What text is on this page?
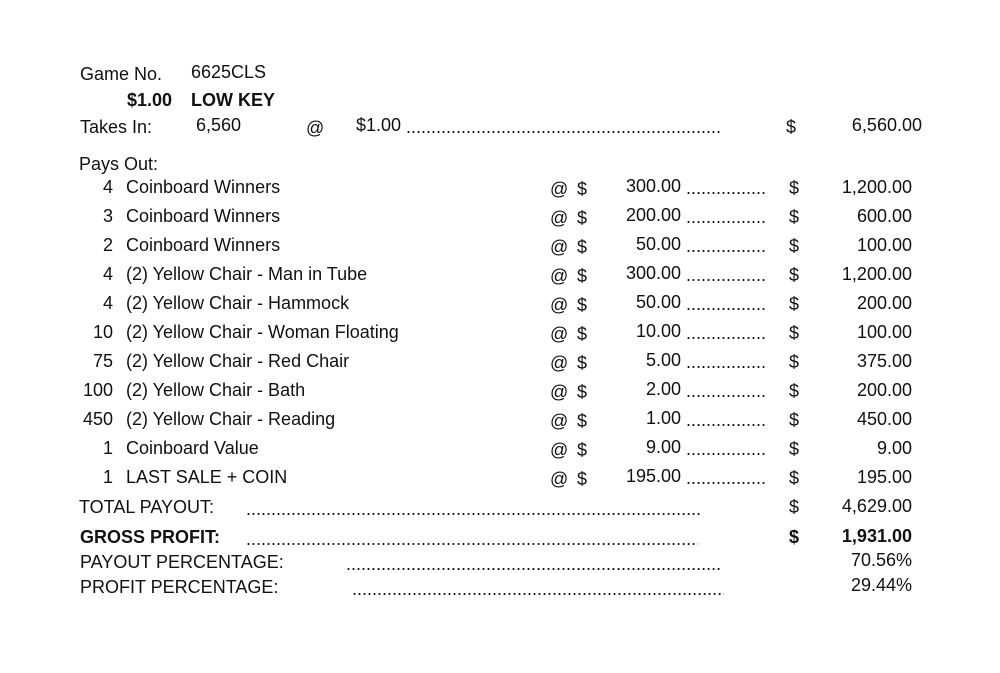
Game No. 6625CLS
$1.00 LOW KEY
Takes In: 6,560	@ $1.00 .....	$	6,560.00
Pays Out:
4 Coinboard Winners	@ $	300.00 .....	$	1,200.00
3 Coinboard Winners	@ $	200.00 .....	$	600.00
2 Coinboard Winners	@ $	50.00 .....	$	100.00
4 (2) Yellow Chair - Man in Tube	@ $	300.00 .....	$	1,200.00
4 (2) Yellow Chair - Hammock	@ $	50.00 .....	$	200.00
10 (2) Yellow Chair - Woman Floating	@ $	10.00 .....	$	100.00
75 (2) Yellow Chair - Red Chair	@ $	5.00 .....	$	375.00
100 (2) Yellow Chair - Bath	@ $	2.00 .....	$	200.00
450 (2) Yellow Chair - Reading	@ $	1.00 .....	$	450.00
1 Coinboard Value	@ $	9.00 .....	$	9.00
1 LAST SALE + COIN	@ $	195.00 .....	$	195.00
TOTAL PAYOUT: .....	$	4,629.00
GROSS PROFIT: .....	$	1,931.00
PAYOUT PERCENTAGE: .....	70.56%
PROFIT PERCENTAGE: .....	29.44%
